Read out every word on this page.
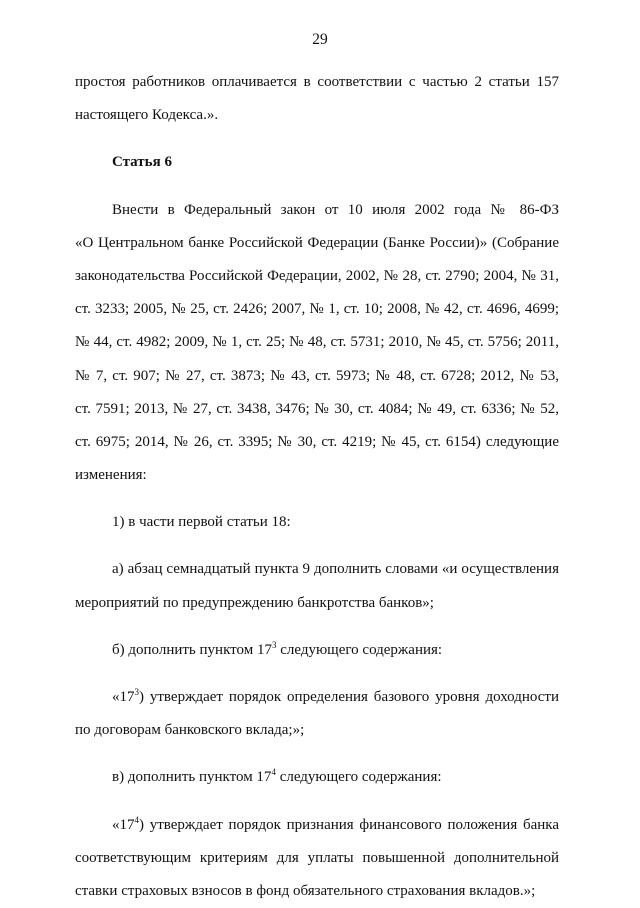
29
простоя работников оплачивается в соответствии с частью 2 статьи 157
настоящего Кодекса.».
Статья 6
Внести в Федеральный закон от 10 июля 2002 года № 86-ФЗ
«О Центральном банке Российской Федерации (Банке России)» (Собрание
законодательства Российской Федерации, 2002, № 28, ст. 2790; 2004, № 31,
ст. 3233; 2005, № 25, ст. 2426; 2007, № 1, ст. 10; 2008, № 42, ст. 4696, 4699;
№ 44, ст. 4982; 2009, № 1, ст. 25; № 48, ст. 5731; 2010, № 45, ст. 5756; 2011,
№ 7, ст. 907; № 27, ст. 3873; № 43, ст. 5973; № 48, ст. 6728; 2012, № 53,
ст. 7591; 2013, № 27, ст. 3438, 3476; № 30, ст. 4084; № 49, ст. 6336; № 52,
ст. 6975; 2014, № 26, ст. 3395; № 30, ст. 4219; № 45, ст. 6154) следующие
изменения:
1) в части первой статьи 18:
а) абзац семнадцатый пункта 9 дополнить словами «и осуществления
мероприятий по предупреждению банкротства банков»;
б) дополнить пунктом $17^3$ следующего содержания:
«$17^3$) утверждает порядок определения базового уровня доходности
по договорам банковского вклада;»;
в) дополнить пунктом $17^4$ следующего содержания:
«$17^4$) утверждает порядок признания финансового положения банка
соответствующим критериям для уплаты повышенной дополнительной
ставки страховых взносов в фонд обязательного страхования вкладов.»;
